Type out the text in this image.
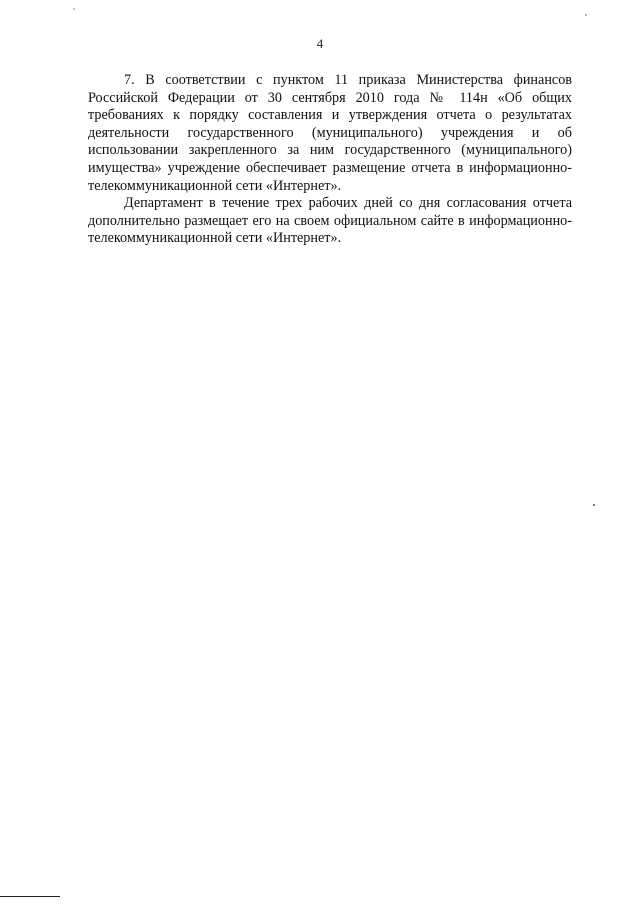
4

7. В соответствии с пунктом 11 приказа Министерства финансов Российской Федерации от 30 сентября 2010 года № 114н «Об общих требованиях к порядку составления и утверждения отчета о результатах деятельности государственного (муниципального) учреждения и об использовании закрепленного за ним государственного (муниципального) имущества» учреждение обеспечивает размещение отчета в информационно-телекоммуникационной сети «Интернет».

Департамент в течение трех рабочих дней со дня согласования отчета дополнительно размещает его на своем официальном сайте в информационно-телекоммуникационной сети «Интернет».
